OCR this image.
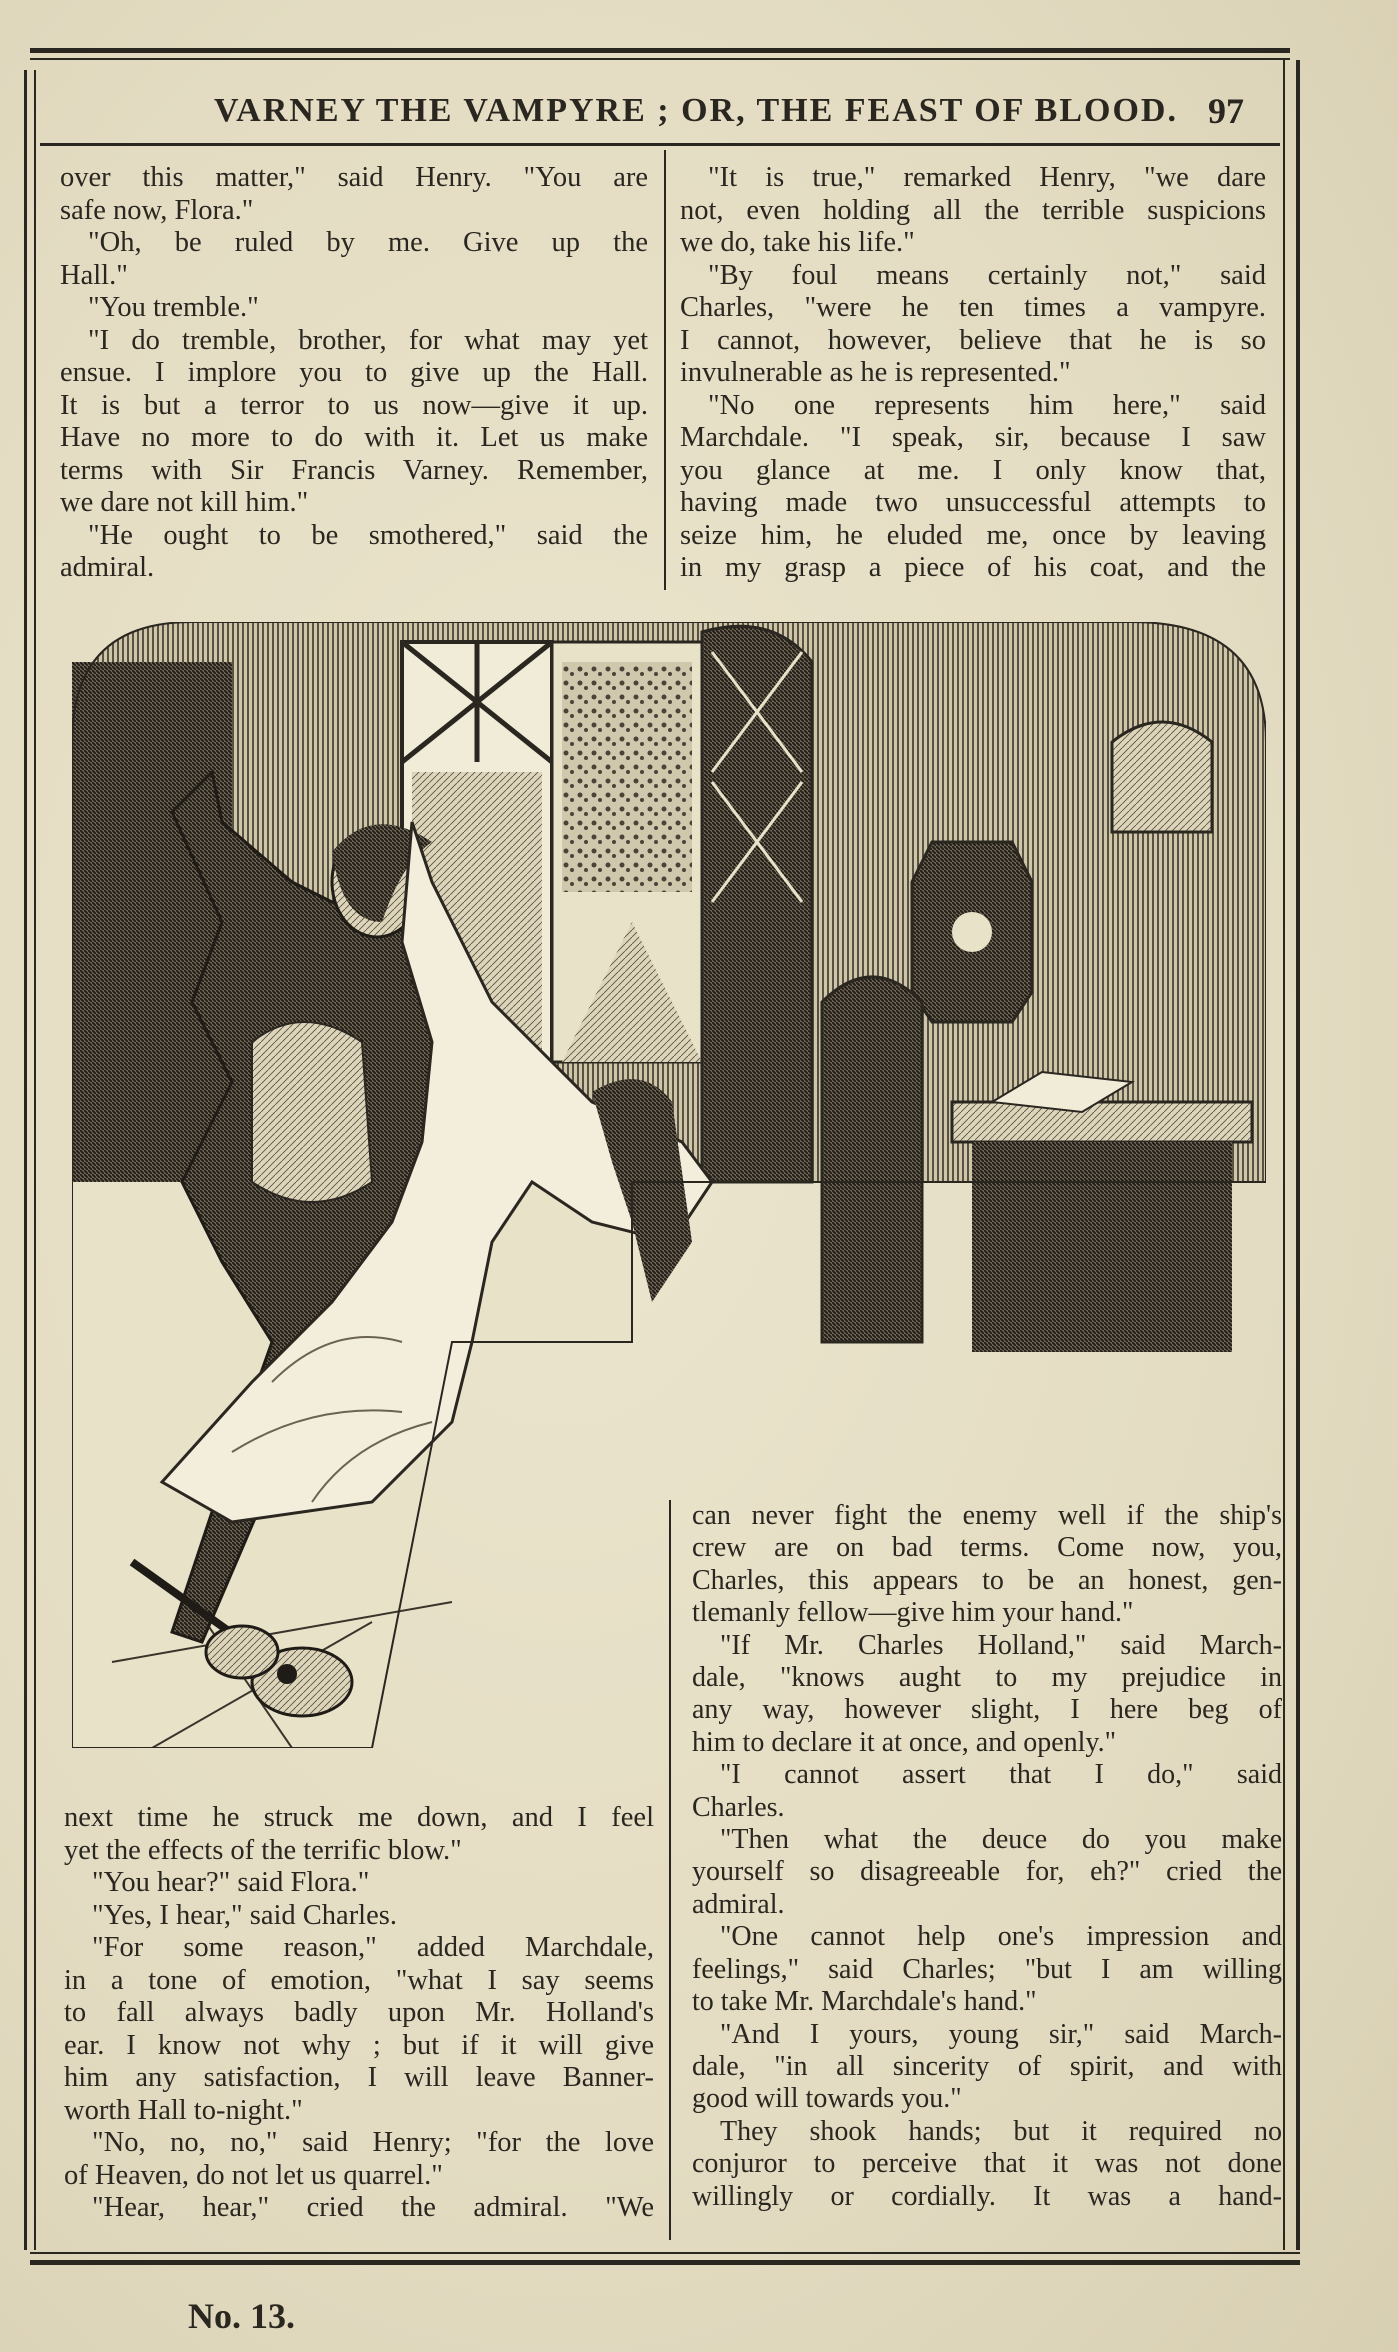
VARNEY THE VAMPYRE ; OR, THE FEAST OF BLOOD. 97
over this matter," said Henry. "You are
safe now, Flora."
"Oh, be ruled by me. Give up the
Hall."
"You tremble."
"I do tremble, brother, for what may yet
ensue. I implore you to give up the Hall.
It is but a terror to us now—give it up.
Have no more to do with it. Let us make
terms with Sir Francis Varney. Remember,
we dare not kill him."
"He ought to be smothered," said the
admiral.
"It is true," remarked Henry, "we dare
not, even holding all the terrible suspicions
we do, take his life."
"By foul means certainly not," said
Charles, "were he ten times a vampyre.
I cannot, however, believe that he is so
invulnerable as he is represented."
"No one represents him here," said
Marchdale. "I speak, sir, because I saw
you glance at me. I only know that,
having made two unsuccessful attempts to
seize him, he eluded me, once by leaving
in my grasp a piece of his coat, and the
next time he struck me down, and I feel
yet the effects of the terrific blow."
"You hear?" said Flora."
"Yes, I hear," said Charles.
"For some reason," added Marchdale,
in a tone of emotion, "what I say seems
to fall always badly upon Mr. Holland's
ear. I know not why ; but if it will give
him any satisfaction, I will leave Banner-
worth Hall to-night."
"No, no, no," said Henry; "for the love
of Heaven, do not let us quarrel."
"Hear, hear," cried the admiral. "We
can never fight the enemy well if the ship's
crew are on bad terms. Come now, you,
Charles, this appears to be an honest, gen-
tlemanly fellow—give him your hand."
"If Mr. Charles Holland," said March-
dale, "knows aught to my prejudice in
any way, however slight, I here beg of
him to declare it at once, and openly."
"I cannot assert that I do," said
Charles.
"Then what the deuce do you make
yourself so disagreeable for, eh?" cried the
admiral.
"One cannot help one's impression and
feelings," said Charles; "but I am willing
to take Mr. Marchdale's hand."
"And I yours, young sir," said March-
dale, "in all sincerity of spirit, and with
good will towards you."
They shook hands; but it required no
conjuror to perceive that it was not done
willingly or cordially. It was a hand-
No. 13.
